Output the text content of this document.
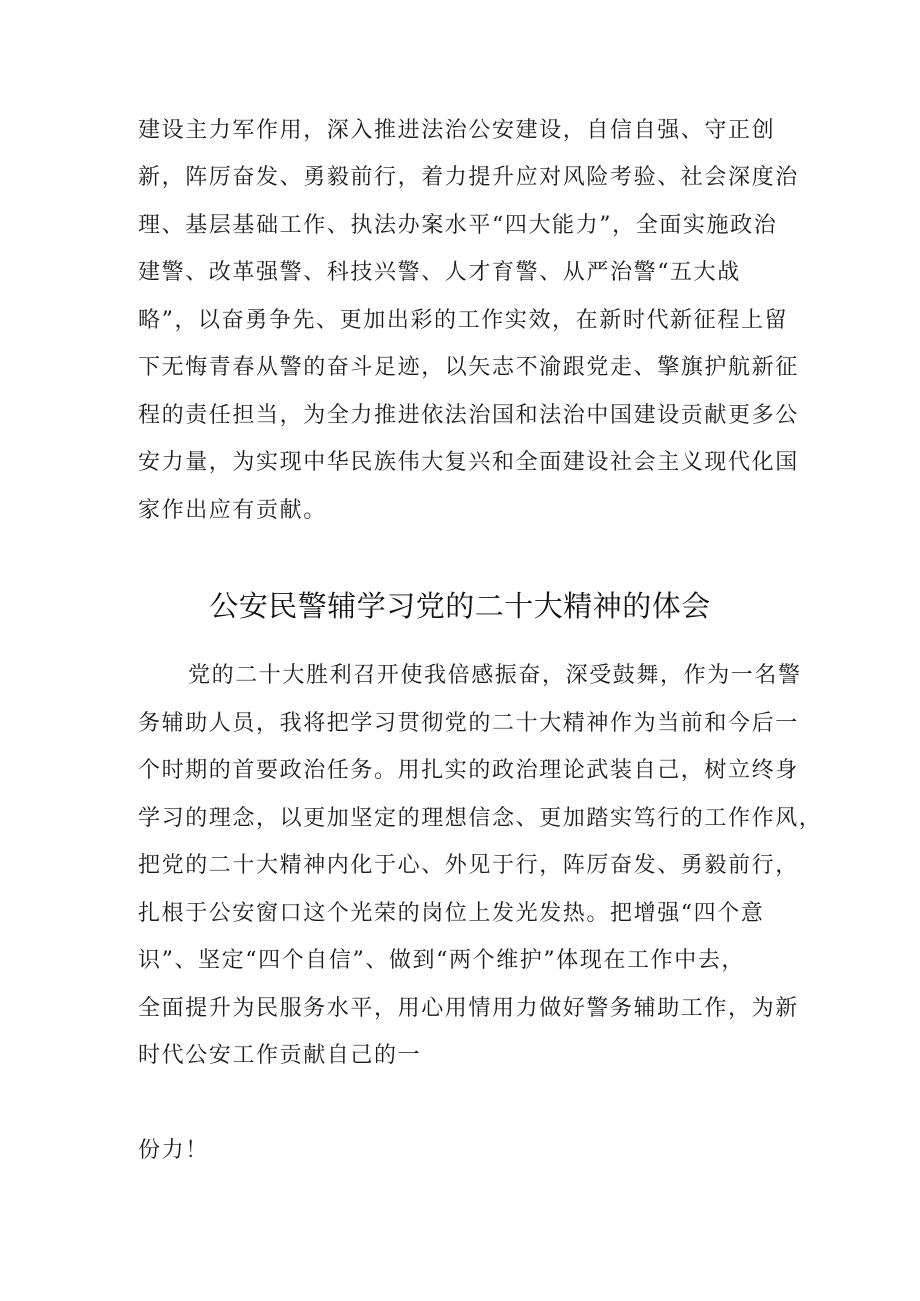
建设主力军作用，深入推进法治公安建设，自信自强、守正创
新，阵厉奋发、勇毅前行，着力提升应对风险考验、社会深度治
理、基层基础工作、执法办案水平“四大能力”，全面实施政治
建警、改革强警、科技兴警、人才育警、从严治警“五大战
略”，以奋勇争先、更加出彩的工作实效，在新时代新征程上留
下无悔青春从警的奋斗足迹，以矢志不渝跟党走、擎旗护航新征
程的责任担当，为全力推进依法治国和法治中国建设贡献更多公
安力量，为实现中华民族伟大复兴和全面建设社会主义现代化国
家作出应有贡献。
公安民警辅学习党的二十大精神的体会
党的二十大胜利召开使我倍感振奋，深受鼓舞，作为一名警
务辅助人员，我将把学习贯彻党的二十大精神作为当前和今后一
个时期的首要政治任务。用扎实的政治理论武装自己，树立终身
学习的理念，以更加坚定的理想信念、更加踏实笃行的工作作风，
把党的二十大精神内化于心、外见于行，阵厉奋发、勇毅前行，
扎根于公安窗口这个光荣的岗位上发光发热。把增强“四个意
识”、坚定“四个自信”、做到“两个维护”体现在工作中去，
全面提升为民服务水平，用心用情用力做好警务辅助工作，为新
时代公安工作贡献自己的一
份力！
